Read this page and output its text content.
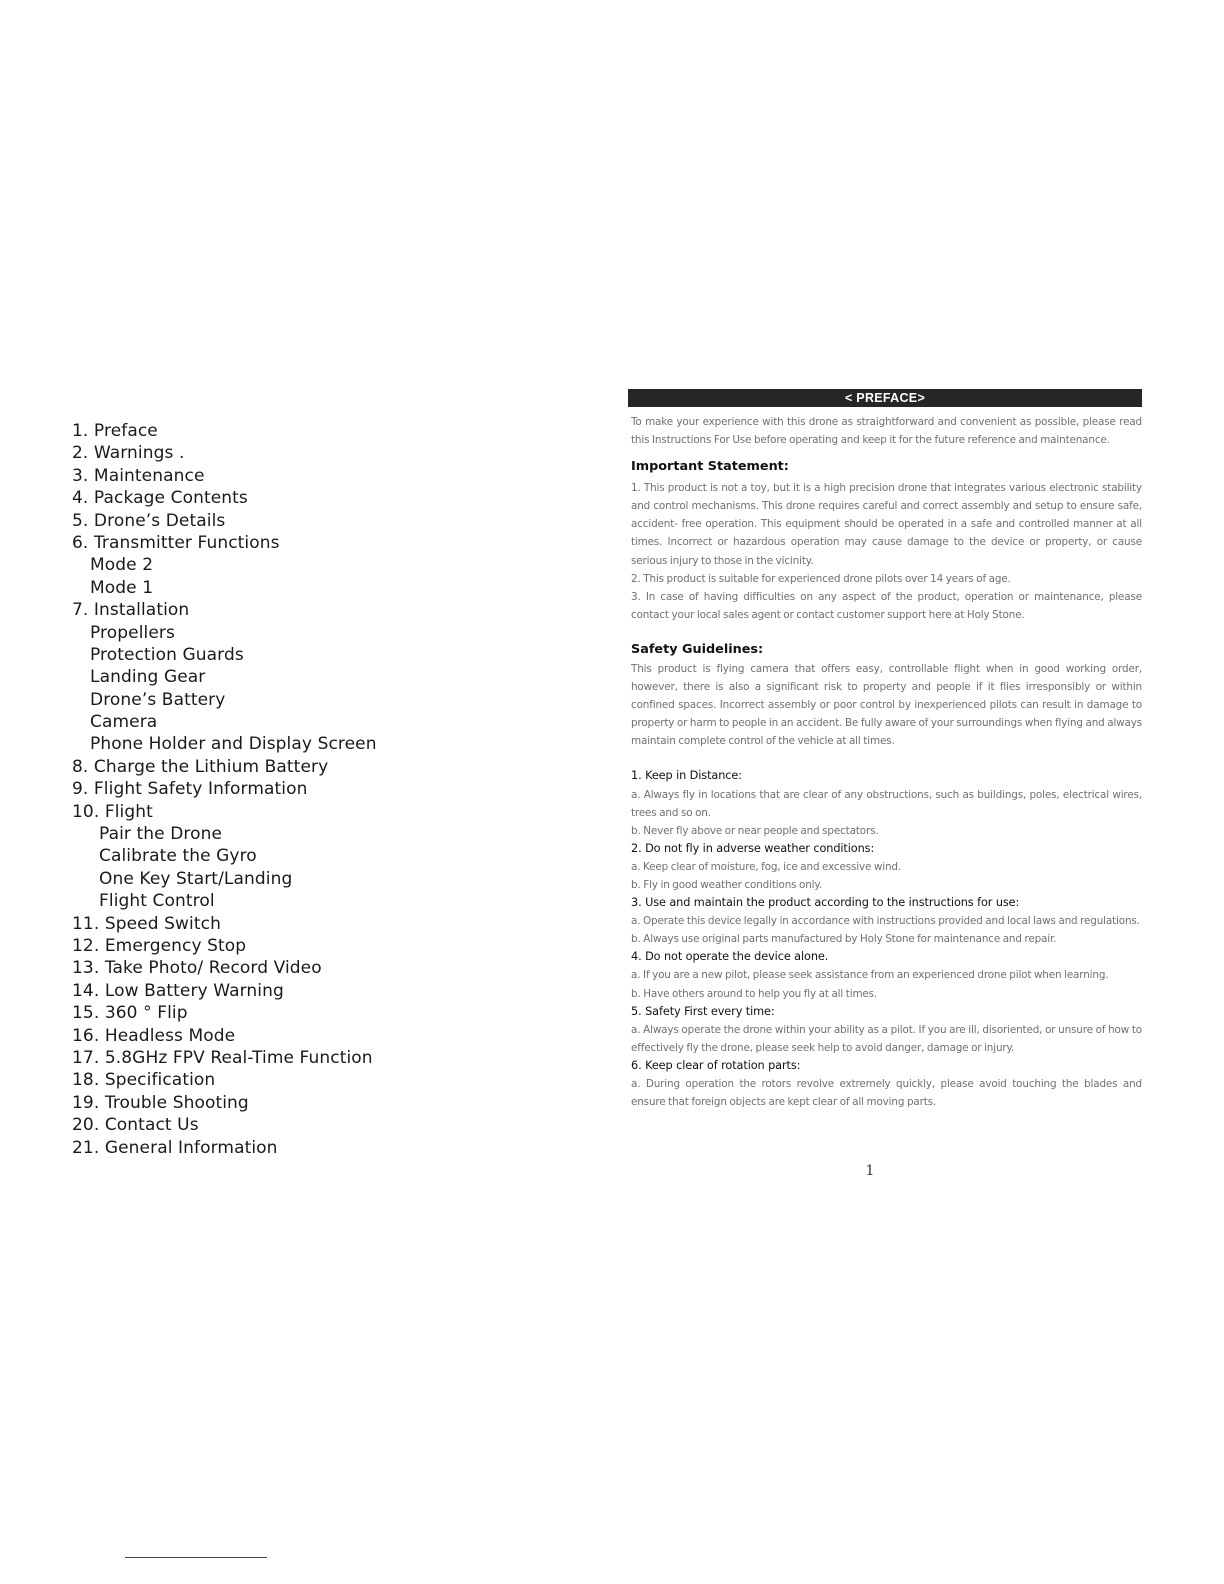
1. Preface
2. Warnings .
3. Maintenance
4. Package Contents
5. Drone’s Details
6. Transmitter Functions
Mode 2
Mode 1
7. Installation
Propellers
Protection Guards
Landing Gear
Drone’s Battery
Camera
Phone Holder and Display Screen
8. Charge the Lithium Battery
9. Flight Safety Information
10. Flight
Pair the Drone
Calibrate the Gyro
One Key Start/Landing
Flight Control
11. Speed Switch
12. Emergency Stop
13. Take Photo/ Record Video
14. Low Battery Warning
15. 360 ° Flip
16. Headless Mode
17. 5.8GHz FPV Real-Time Function
18. Specification
19. Trouble Shooting
20. Contact Us
21. General Information
< PREFACE>

To make your experience with this drone as straightforward and convenient as possible, please read this Instructions For Use before operating and keep it for the future reference and maintenance.

Important Statement:

1. This product is not a toy, but it is a high precision drone that integrates various electronic stability and control mechanisms. This drone requires careful and correct assembly and setup to ensure safe, accident- free operation. This equipment should be operated in a safe and controlled manner at all times. Incorrect or hazardous operation may cause damage to the device or property, or cause serious injury to those in the vicinity.

2. This product is suitable for experienced drone pilots over 14 years of age.

3. In case of having difficulties on any aspect of the product, operation or maintenance, please contact your local sales agent or contact customer support here at Holy Stone.

Safety Guidelines:

This product is flying camera that offers easy, controllable flight when in good working order, however, there is also a significant risk to property and people if it flies irresponsibly or within confined spaces. Incorrect assembly or poor control by inexperienced pilots can result in damage to property or harm to people in an accident. Be fully aware of your surroundings when flying and always maintain complete control of the vehicle at all times.

1. Keep in Distance:

a. Always fly in locations that are clear of any obstructions, such as buildings, poles, electrical wires, trees and so on.

b. Never fly above or near people and spectators.

2. Do not fly in adverse weather conditions:

a. Keep clear of moisture, fog, ice and excessive wind.

b. Fly in good weather conditions only.

3. Use and maintain the product according to the instructions for use:

a. Operate this device legally in accordance with instructions provided and local laws and regulations.

b. Always use original parts manufactured by Holy Stone for maintenance and repair.

4. Do not operate the device alone.

a. If you are a new pilot, please seek assistance from an experienced drone pilot when learning.

b. Have others around to help you fly at all times.

5. Safety First every time:

a. Always operate the drone within your ability as a pilot. If you are ill, disoriented, or unsure of how to effectively fly the drone, please seek help to avoid danger, damage or injury.

6. Keep clear of rotation parts:

a. During operation the rotors revolve extremely quickly, please avoid touching the blades and ensure that foreign objects are kept clear of all moving parts.

1
